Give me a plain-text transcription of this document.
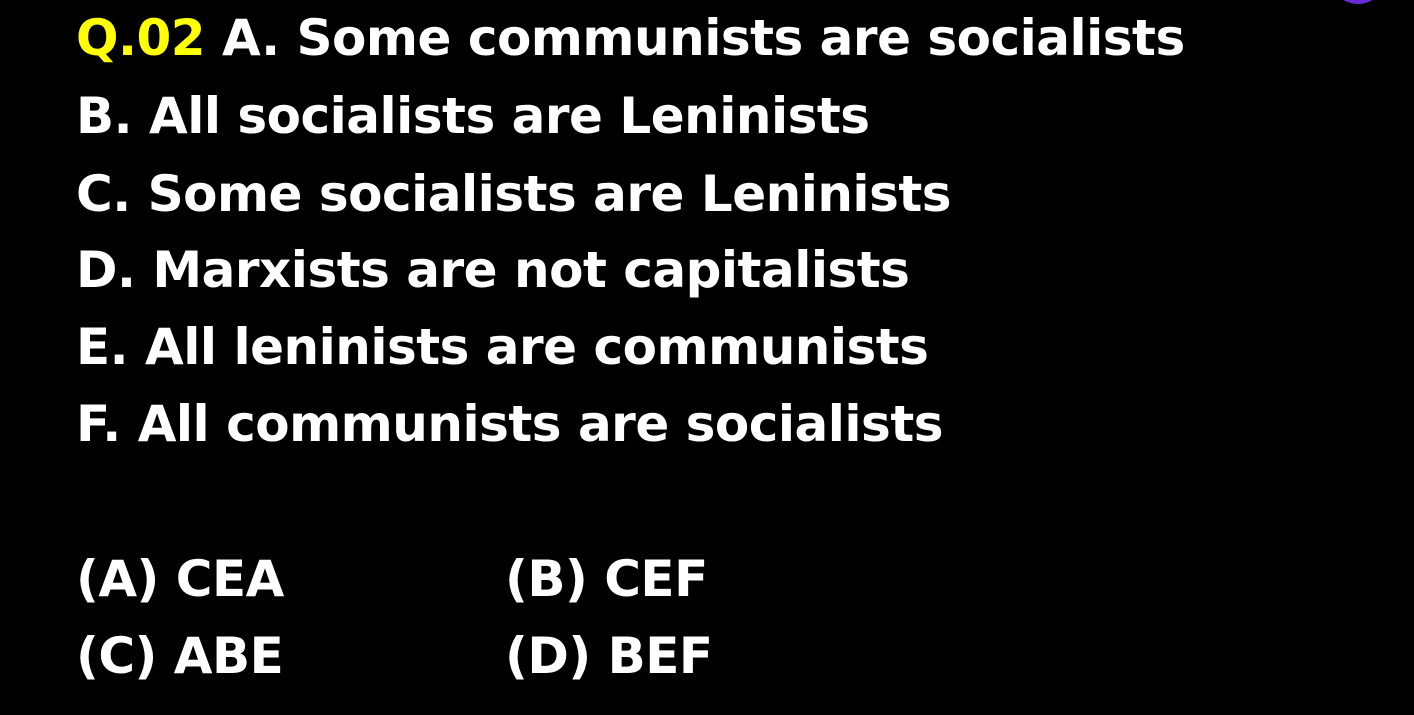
Q.02 A. Some communists are socialists
B. All socialists are Leninists
C. Some socialists are Leninists
D. Marxists are not capitalists
E. All leninists are communists
F. All communists are socialists
(A) CEA	(B) CEF
(C) ABE	(D) BEF
